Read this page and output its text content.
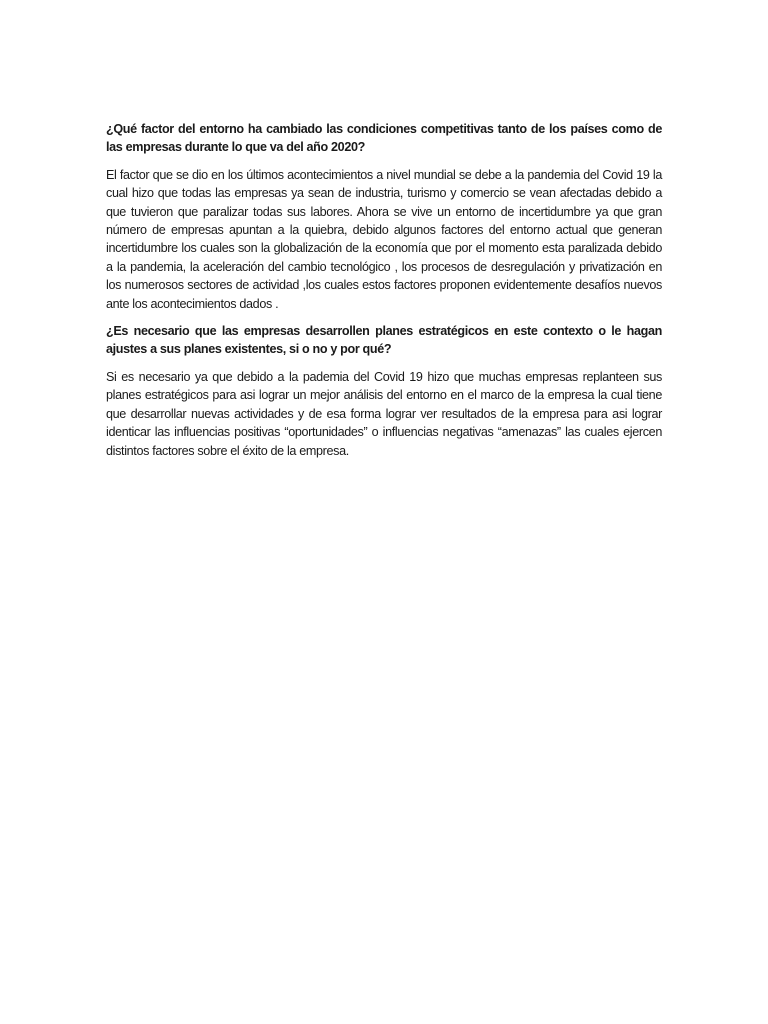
¿Qué factor del entorno ha cambiado las condiciones competitivas tanto de los países como de las empresas durante lo que va del año 2020?

El factor que se dio en los últimos acontecimientos a nivel mundial se debe a la pandemia del Covid 19 la cual hizo que todas las empresas ya sean de industria, turismo y comercio se vean afectadas debido a que tuvieron que paralizar todas sus labores. Ahora se vive un entorno de incertidumbre ya que gran número de empresas apuntan a la quiebra, debido algunos factores del entorno actual que generan incertidumbre los cuales son la globalización de la economía que por el momento esta paralizada debido a la pandemia, la aceleración del cambio tecnológico , los procesos de desregulación y privatización en los numerosos sectores de actividad ,los cuales estos factores proponen evidentemente desafíos nuevos ante los acontecimientos dados .

¿Es necesario que las empresas desarrollen planes estratégicos en este contexto o le hagan ajustes a sus planes existentes, si o no y por qué?

Si es necesario ya que debido a la pademia del Covid 19 hizo que muchas empresas replanteen sus planes estratégicos para asi lograr un mejor análisis del entorno en el marco de la empresa la cual tiene que desarrollar nuevas actividades y de esa forma lograr ver resultados de la empresa para asi lograr identicar las influencias positivas “oportunidades” o influencias negativas “amenazas” las cuales ejercen distintos factores sobre el éxito de la empresa.
